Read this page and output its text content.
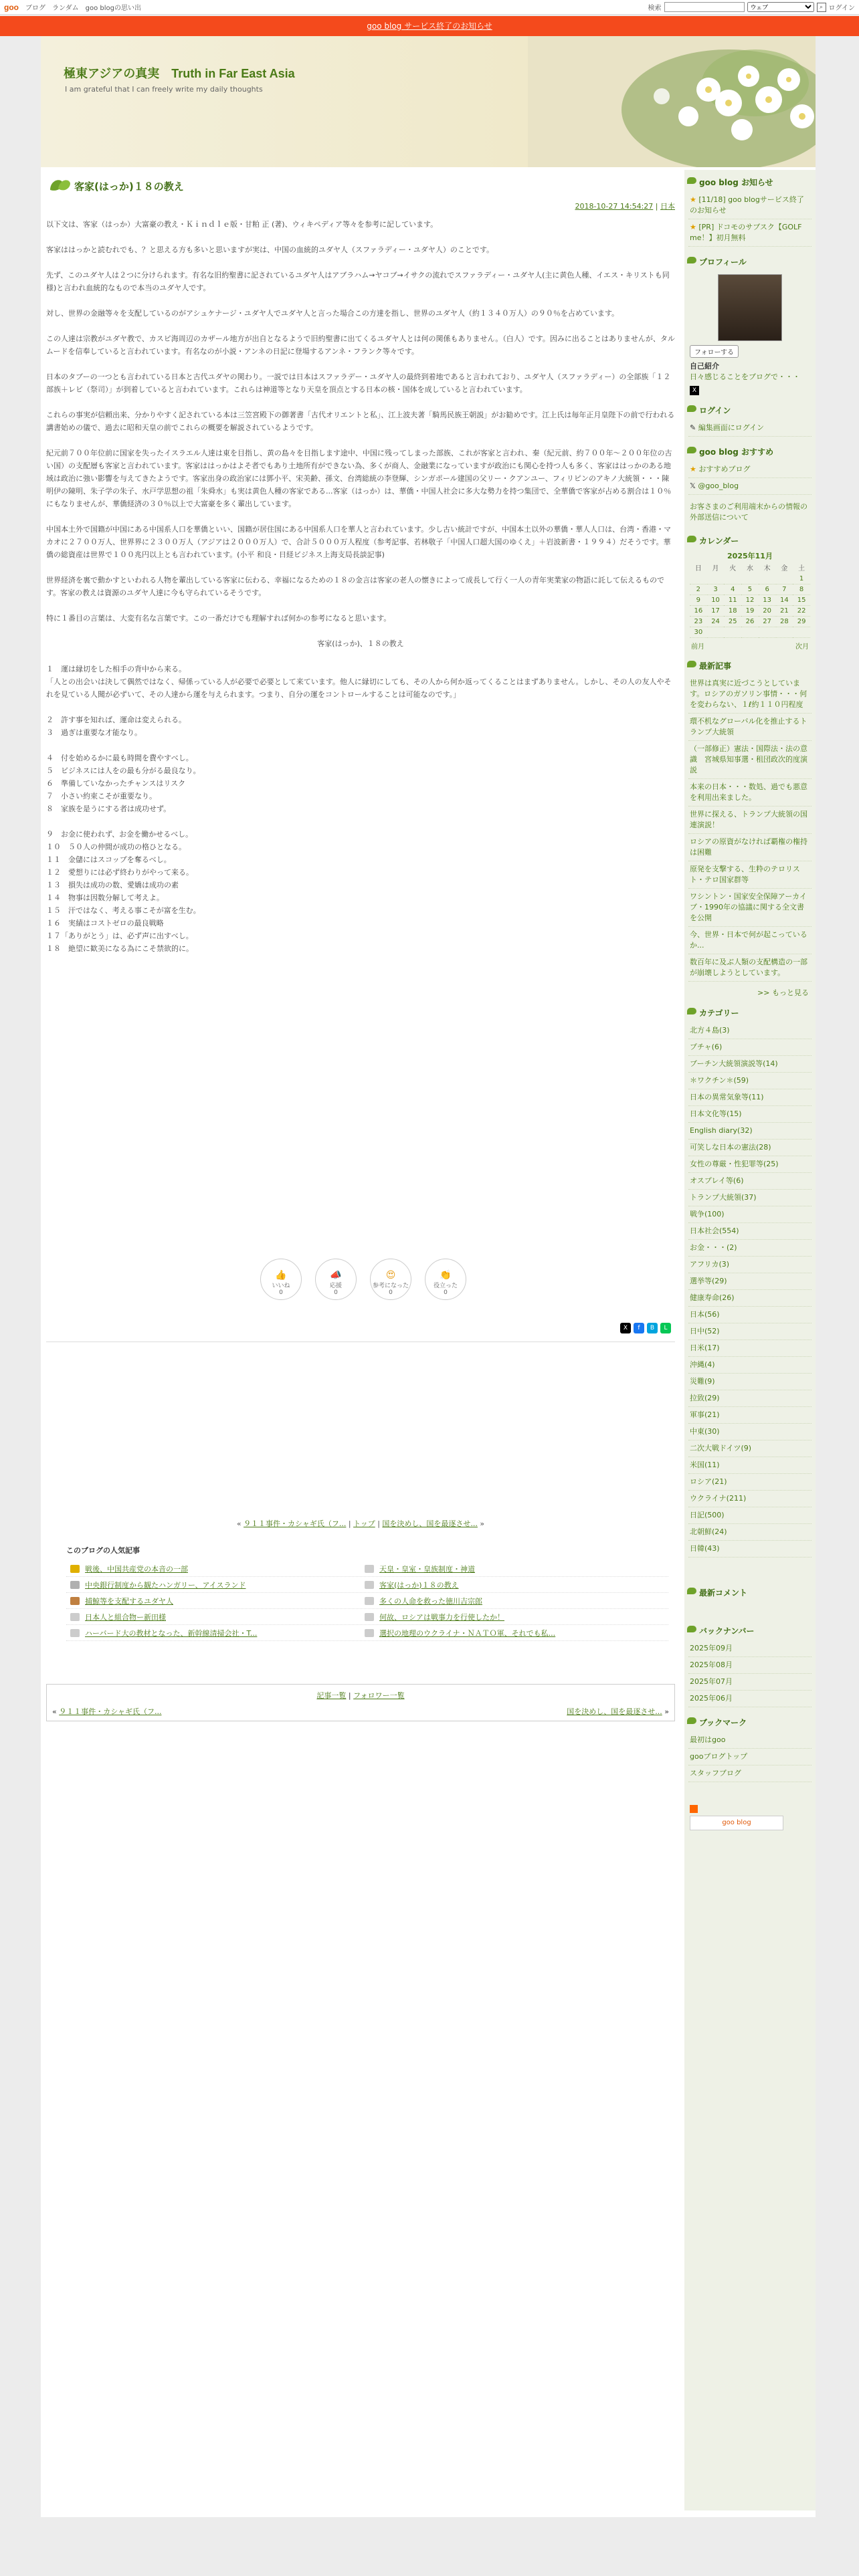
goo ブログ ランダム goo blogの思い出	検索
ウェブ	⌕ ログイン
goo blog サービス終了のお知らせ
極東アジアの真実　Truth in Far East Asia
I am grateful that I can freely write my daily thoughts
客家(はっか)１８の教え
2018-10-27 14:54:27 | 日本

以下文は、客家（はっか）大富豪の教え・Ｋｉｎｄｌｅ版・甘粕 正 (著)、ウィキペディア等々を参考に記しています。

客家ははっかと読むれでも、？と思える方も多いと思いますが実は、中国の血統的ユダヤ人（スファラディー・ユダヤ人）のことです。

先ず、このユダヤ人は２つに分けられます。有名な旧約聖書に記されているユダヤ人はアブラハム→ヤコブ→イサクの流れでスファラディー・ユダヤ人(主に黄色人種、イエス・キリストも同様)と言われ血統的なもので本当のユダヤ人です。

対し、世界の金融等々を支配しているのがアシュケナージ・ユダヤ人でユダヤ人と言った場合この方達を指し、世界のユダヤ人（約１３４０万人）の９０％を占めています。

この人達は宗教がユダヤ教で、カスピ海周辺のカザール地方が出自となるようで旧約聖書に出てくるユダヤ人とは何の関係もありません。（白人）です。因みに出ることはありませんが、タルムードを信奉していると言われています。有名なのが小説・アンネの日記に登場するアンネ・フランク等々です。

日本のタブーの一つとも言われている日本と古代ユダヤの関わり。一説では日本はスファラデー・ユダヤ人の最終到着地であると言われており、ユダヤ人（スファラディー）の全部族「１２部族＋レビ（祭司）」が到着していると言われています。これらは神道等となり天皇を頂点とする日本の核・国体を成していると言われています。

これらの事実が信頼出来、分かりやすく記されている本は三笠宮殿下の御著書「古代オリエントと私」、江上波夫著「騎馬民族王朝説」がお勧めです。江上氏は毎年正月皇陛下の前で行われる講書始めの儀で、過去に昭和天皇の前でこれらの概要を解説されているようです。

紀元前７００年位前に国家を失ったイスラエル人達は東を目指し、黄の島々を目指します途中、中国に残ってしまった部族、これが客家と言われ、秦（紀元前、約７００年〜２００年位の古い国）の支配層も客家と言われています。客家ははっかはよそ者でもあり土地所有ができない為、多くが商人、金融業になっていますが政治にも関心を持つ人も多く、客家ははっかのある地域は政治に強い影響を与えてきたようです。客家出身の政治家には鄧小平、宋美齢、孫文、台湾総統の李登輝、シンガポール建国の父リー・クアンユー、フィリピンのアキノ大統領・・・陳明伊の陳明、朱子学の朱子、水戸学思想の祖「朱舜水」も実は黄色人種の客家である...客家（はっか）は、華僑・中国人社会に多大な勢力を持つ集団で、全華僑で客家が占める割合は１０％にもなりませんが、華僑経済の３０％以上で大富豪を多く輩出しています。

中国本土外で国籍が中国にある中国系人口を華僑といい、国籍が居住国にある中国系人口を華人と言われています。少し古い統計ですが、中国本土以外の華僑・華人人口は、台湾・香港・マカオに２７００万人、世界界に２３００万人（アジアは２０００万人）で、合計５０００万人程度（参考記事、若林敬子「中国人口超大国のゆくえ」＋岩波新書・１９９４）だそうです。華僑の総資産は世界で１００兆円以上とも言われています。(小平 和良・日経ビジネス上海支局長談記事)

世界経済を裏で動かすといわれる人物を輩出している客家に伝わる、幸福になるための１８の金言は客家の老人の懐きによって成長して行く一人の青年実業家の物語に託して伝えるものです。客家の教えは資源のユダヤ人達に今も守られているそうです。

特に１番目の言葉は、大変有名な言葉です。この一番だけでも理解すれば何かの参考になると思います。

客家(はっか)、１８の教え

１　運は縁切をした相手の背中から来る。

「人との出会いは決して偶然ではなく、帰係っている人が必要で必要として来ています。他人に縁切にしても、その人から何か返ってくることはまずありません。しかし、その人の友人やそれを見ている人聞が必ずいて、その人達から運を与えられます。つまり、自分の運をコントロールすることは可能なのです。」

２　許す事を知れば、運命は変えられる。

３　過ぎは重要な才能なり。

４　付を始めるかに最も時間を費やすべし。

５　ビジネスには人をの最も分がる最良なり。

６　準備していなかったチャンスはリスク

７　小さい約束こそが重要なり。

８　家族を是うにする者は成功せず。

９　お金に使われず、お金を働かせるべし。

１０　５０人の仲間が成功の格ひとなる。

１１　金儲にはスコップを奪るべし。

１２　愛想りには必ず終わりがやって来る。

１３　損失は成功の数、愛嬌は成功の素

１４　物事は因数分解して考えよ。

１５　汗ではなく、考える事こそが富を生む。

１６　実績はコストゼロの最良戦略

１７「ありがとう」は、必ず声に出すべし。

１８　絶望に歓美になる為にこそ禁欲的に。

👍
いいね
0
📣
応援
0
😍
参考になった
0
👏
役立った
0
X	f	B	L
« ９１１事件・カシャギ氏（フ... | トップ | 国を決めし、国を最逐させ... »
このブログの人気記事
戦後、中国共産党の本音の一部	天皇・皇室・皇族制度・神道
中央銀行制度から観たハンガリー、アイスランド	客家(はっか)１８の教え
捕鯨等を支配するユダヤ人	多くの人命を救った徳川吉宗郎
日本人と組合物ー新田様	何故、ロシアは戦事力を行使したか！
ハーバード大の教材となった、新幹線清掃会社・T...	選択の地理のウクライナ・ＮＡＴＯ軍、それでも私...
記事一覧 | フォロワー一覧
« ９１１事件・カシャギ氏（フ...	国を決めし、国を最逐させ... »
goo blog お知らせ
★ [11/18] goo blogサービス終了のお知らせ
★ [PR] ドコモのサブスク【GOLF me！】初月無料
プロフィール
フォローする
自己紹介
日々感じることをブログで・・・
X
ログイン
✎ 編集画面にログイン
goo blog おすすめ
★ おすすめブログ
𝕏 @goo_blog
お客さまのご利用端末からの情報の外部送信について
カレンダー
2025年11月
日	月	火	水	木	金	土
						1
2	3	4	5	6	7	8
9	10	11	12	13	14	15
16	17	18	19	20	21	22
23	24	25	26	27	28	29
30						
前月	次月
最新記事
世界は真実に近づこうとしています。ロシアのガソリン事情・・・何を変わらない、１ℓ約１１０円程度
環不机なグローバル化を推止するトランプ大統領
（一部修正）憲法・国際法・法の意識　宮城県知事選・租団政次的度演説
本来の日本・・・数処、過でも悪意を利用出来ました。
世界に探える、トランプ大統領の国連演説！
ロシアの原資がなければ覇権の権持は困難
原発を支撃する、生粋のテロリスト・テロ国家群等
ワシントン・国家安全保障アーカイブ・1990年の協議に関する全文書を公開
今、世界・日本で何が起こっているか...
数百年に及ぶ人類の支配構造の一部が崩壊しようとしています。
>> もっと見る
カテゴリー
北方４島(3)
プチャ(6)
ブーチン大統領演説等(14)
＊ワクチン＊(59)
日本の異常気象等(11)
日本文化等(15)
English diary(32)
可笑しな日本の憲法(28)
女性の尊厳・性犯罪等(25)
オスプレイ等(6)
トランプ大統領(37)
戦争(100)
日本社会(554)
お金・・・(2)
アフリカ(3)
選挙等(29)
健康寿命(26)
日本(56)
日中(52)
日米(17)
沖縄(4)
災難(9)
拉致(29)
軍事(21)
中東(30)
二次大戦ドイツ(9)
米国(11)
ロシア(21)
ウクライナ(211)
日記(500)
北朝鮮(24)
日韓(43)
最新コメント
バックナンバー
2025年09月
2025年08月
2025年07月
2025年06月
ブックマーク
最初はgoo
gooブログトップ
スタッフブログ
goo blog
